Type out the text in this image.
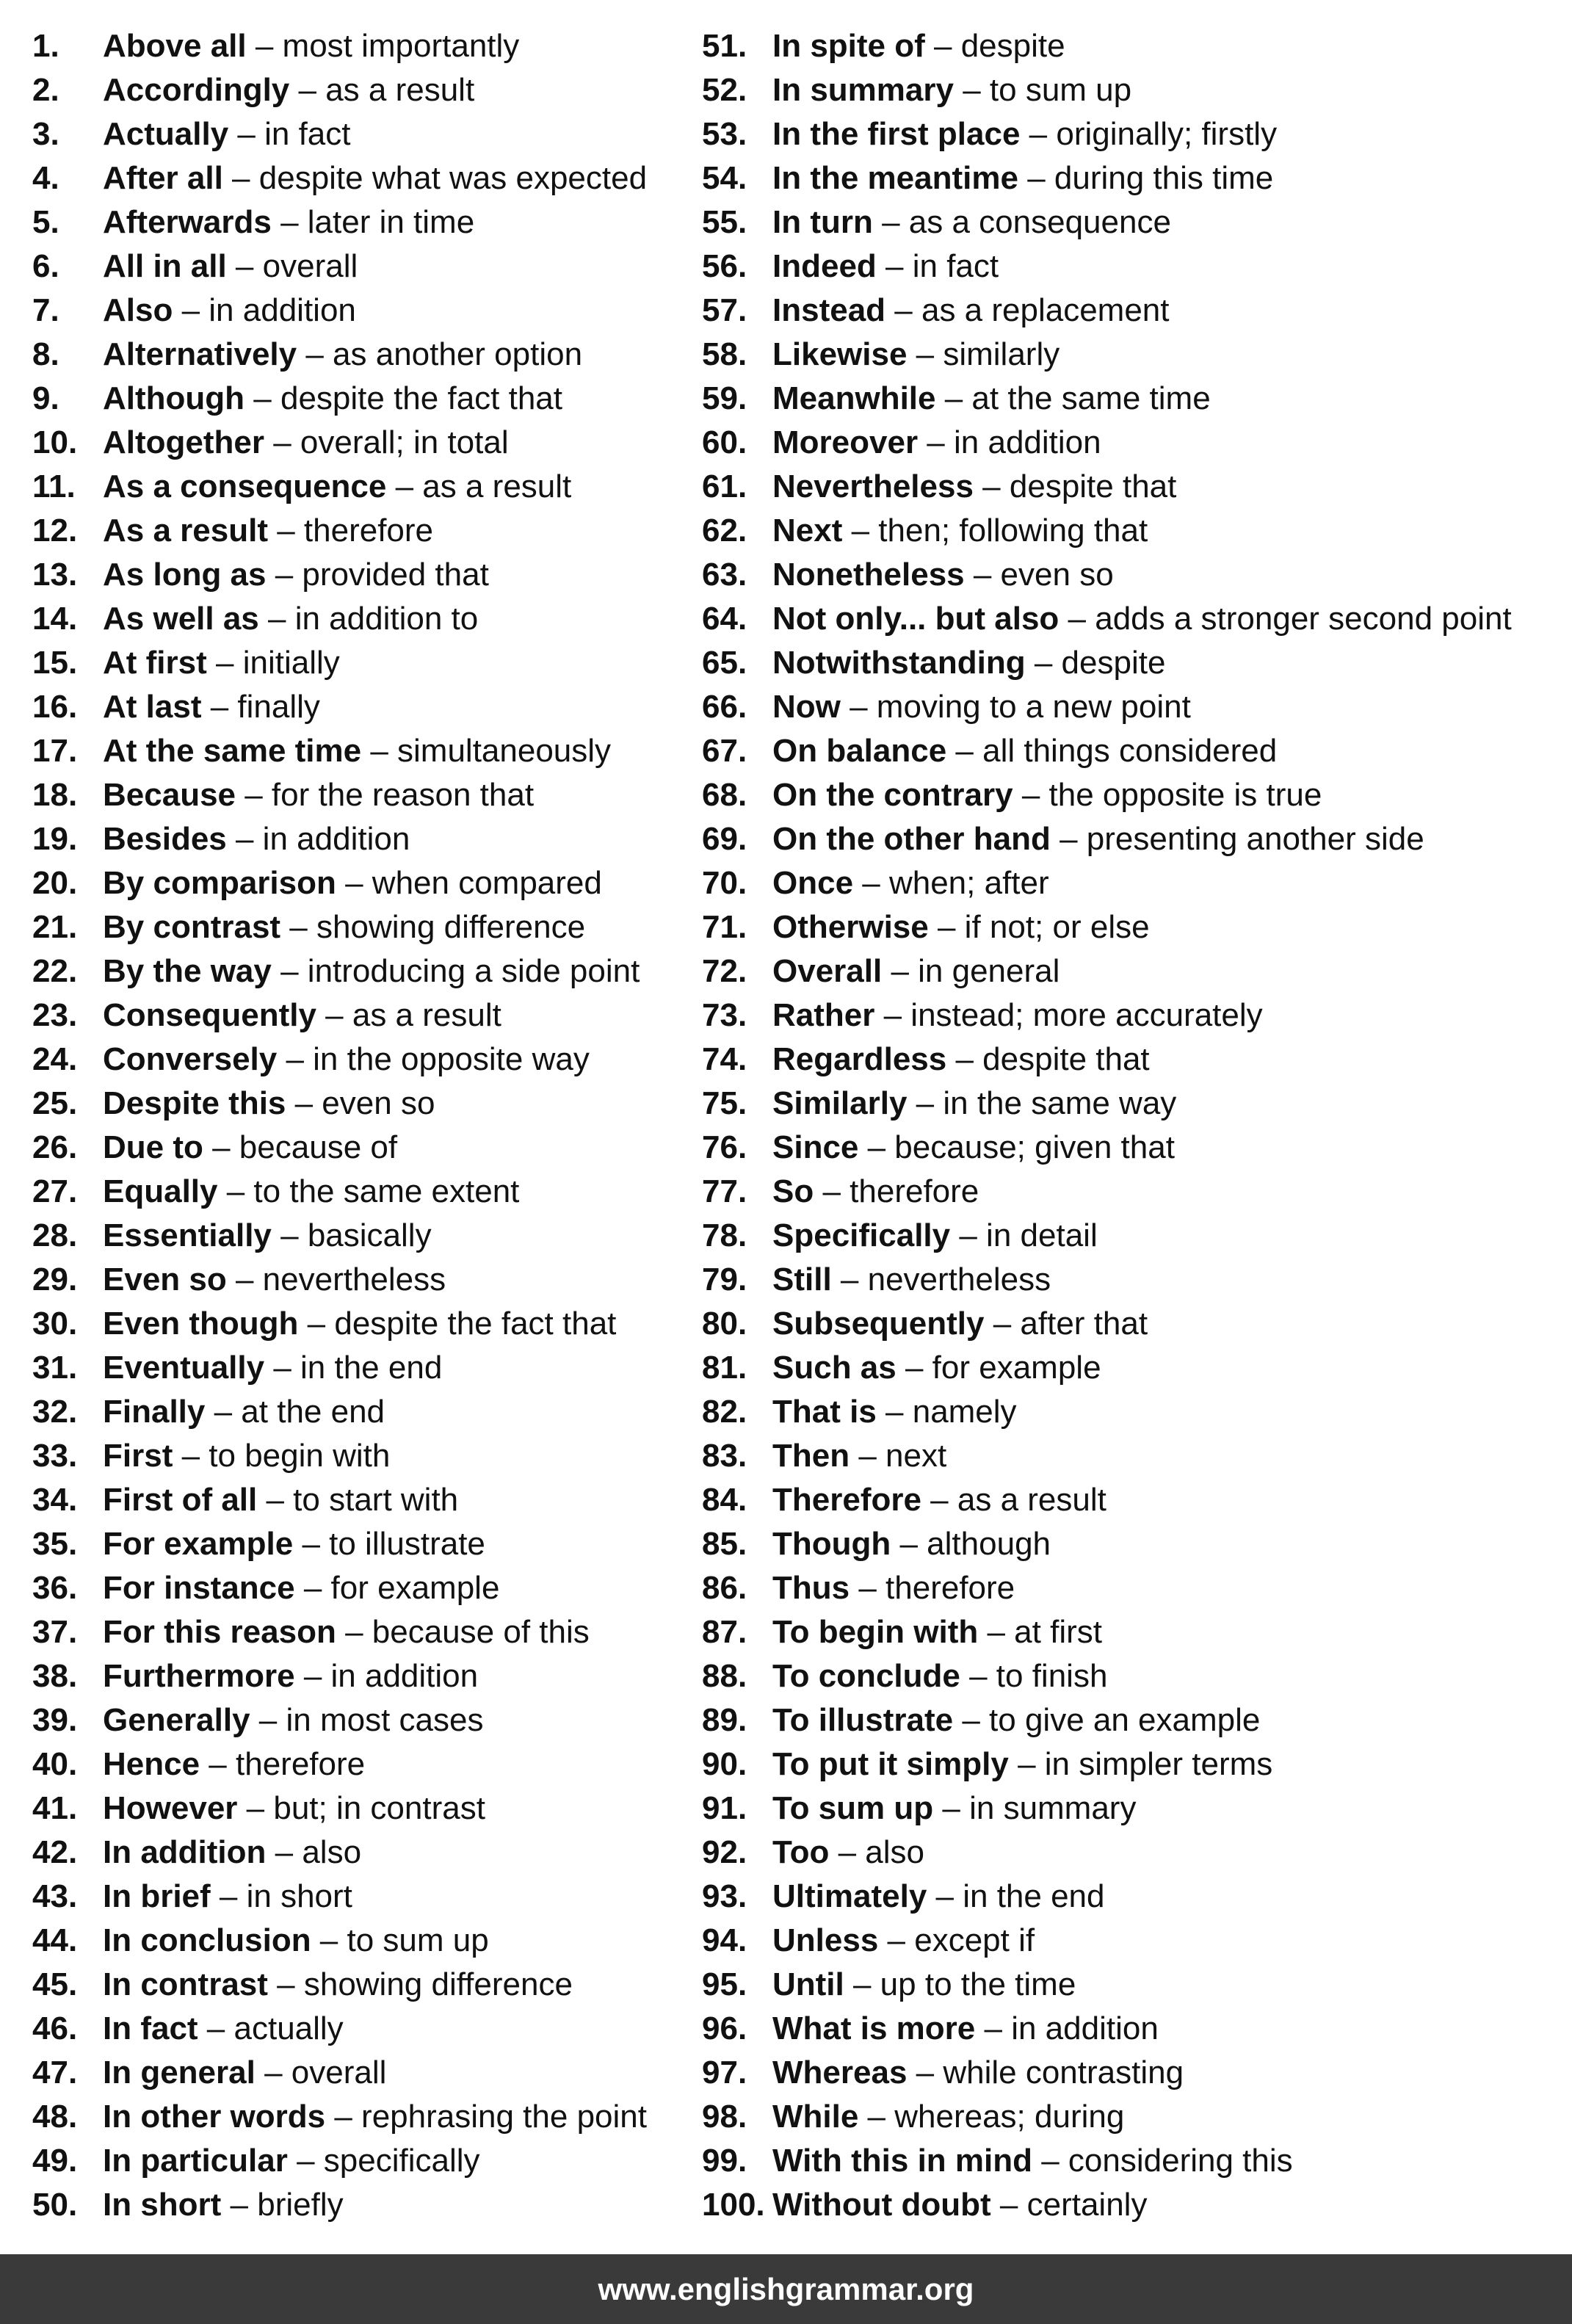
1. Above all – most importantly
2. Accordingly – as a result
3. Actually – in fact
4. After all – despite what was expected
5. Afterwards – later in time
6. All in all – overall
7. Also – in addition
8. Alternatively – as another option
9. Although – despite the fact that
10. Altogether – overall; in total
11. As a consequence – as a result
12. As a result – therefore
13. As long as – provided that
14. As well as – in addition to
15. At first – initially
16. At last – finally
17. At the same time – simultaneously
18. Because – for the reason that
19. Besides – in addition
20. By comparison – when compared
21. By contrast – showing difference
22. By the way – introducing a side point
23. Consequently – as a result
24. Conversely – in the opposite way
25. Despite this – even so
26. Due to – because of
27. Equally – to the same extent
28. Essentially – basically
29. Even so – nevertheless
30. Even though – despite the fact that
31. Eventually – in the end
32. Finally – at the end
33. First – to begin with
34. First of all – to start with
35. For example – to illustrate
36. For instance – for example
37. For this reason – because of this
38. Furthermore – in addition
39. Generally – in most cases
40. Hence – therefore
41. However – but; in contrast
42. In addition – also
43. In brief – in short
44. In conclusion – to sum up
45. In contrast – showing difference
46. In fact – actually
47. In general – overall
48. In other words – rephrasing the point
49. In particular – specifically
50. In short – briefly
51. In spite of – despite
52. In summary – to sum up
53. In the first place – originally; firstly
54. In the meantime – during this time
55. In turn – as a consequence
56. Indeed – in fact
57. Instead – as a replacement
58. Likewise – similarly
59. Meanwhile – at the same time
60. Moreover – in addition
61. Nevertheless – despite that
62. Next – then; following that
63. Nonetheless – even so
64. Not only... but also – adds a stronger second point
65. Notwithstanding – despite
66. Now – moving to a new point
67. On balance – all things considered
68. On the contrary – the opposite is true
69. On the other hand – presenting another side
70. Once – when; after
71. Otherwise – if not; or else
72. Overall – in general
73. Rather – instead; more accurately
74. Regardless – despite that
75. Similarly – in the same way
76. Since – because; given that
77. So – therefore
78. Specifically – in detail
79. Still – nevertheless
80. Subsequently – after that
81. Such as – for example
82. That is – namely
83. Then – next
84. Therefore – as a result
85. Though – although
86. Thus – therefore
87. To begin with – at first
88. To conclude – to finish
89. To illustrate – to give an example
90. To put it simply – in simpler terms
91. To sum up – in summary
92. Too – also
93. Ultimately – in the end
94. Unless – except if
95. Until – up to the time
96. What is more – in addition
97. Whereas – while contrasting
98. While – whereas; during
99. With this in mind – considering this
100. Without doubt – certainly
www.englishgrammar.org
